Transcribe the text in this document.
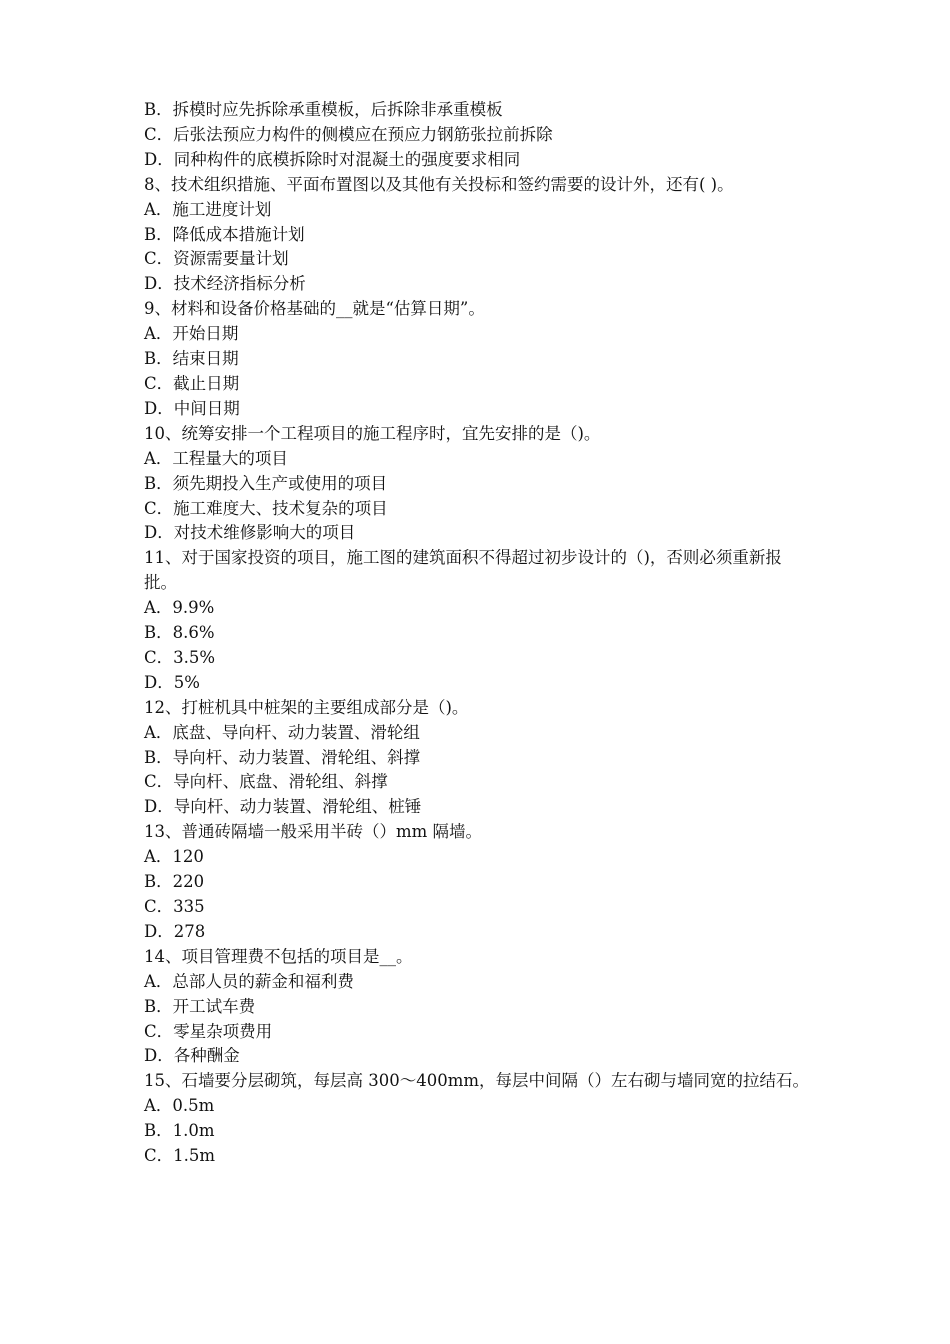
B．拆模时应先拆除承重模板，后拆除非承重模板

C．后张法预应力构件的侧模应在预应力钢筋张拉前拆除

D．同种构件的底模拆除时对混凝土的强度要求相同

8、技术组织措施、平面布置图以及其他有关投标和签约需要的设计外，还有( )。

A．施工进度计划

B．降低成本措施计划

C．资源需要量计划

D．技术经济指标分析

9、材料和设备价格基础的__就是“估算日期”。

A．开始日期

B．结束日期

C．截止日期

D．中间日期

10、统筹安排一个工程项目的施工程序时，宜先安排的是（)。

A．工程量大的项目

B．须先期投入生产或使用的项目

C．施工难度大、技术复杂的项目

D．对技术维修影响大的项目

11、对于国家投资的项目，施工图的建筑面积不得超过初步设计的（)，否则必须重新报批。

A．9.9%

B．8.6%

C．3.5%

D．5%

12、打桩机具中桩架的主要组成部分是（)。

A．底盘、导向杆、动力装置、滑轮组

B．导向杆、动力装置、滑轮组、斜撑

C．导向杆、底盘、滑轮组、斜撑

D．导向杆、动力装置、滑轮组、桩锤

13、普通砖隔墙一般采用半砖（）mm 隔墙。

A．120

B．220

C．335

D．278

14、项目管理费不包括的项目是__。

A．总部人员的薪金和福利费

B．开工试车费

C．零星杂项费用

D．各种酬金

15、石墙要分层砌筑，每层高 300～400mm，每层中间隔（）左右砌与墙同宽的拉结石。

A．0.5m

B．1.0m

C．1.5m
